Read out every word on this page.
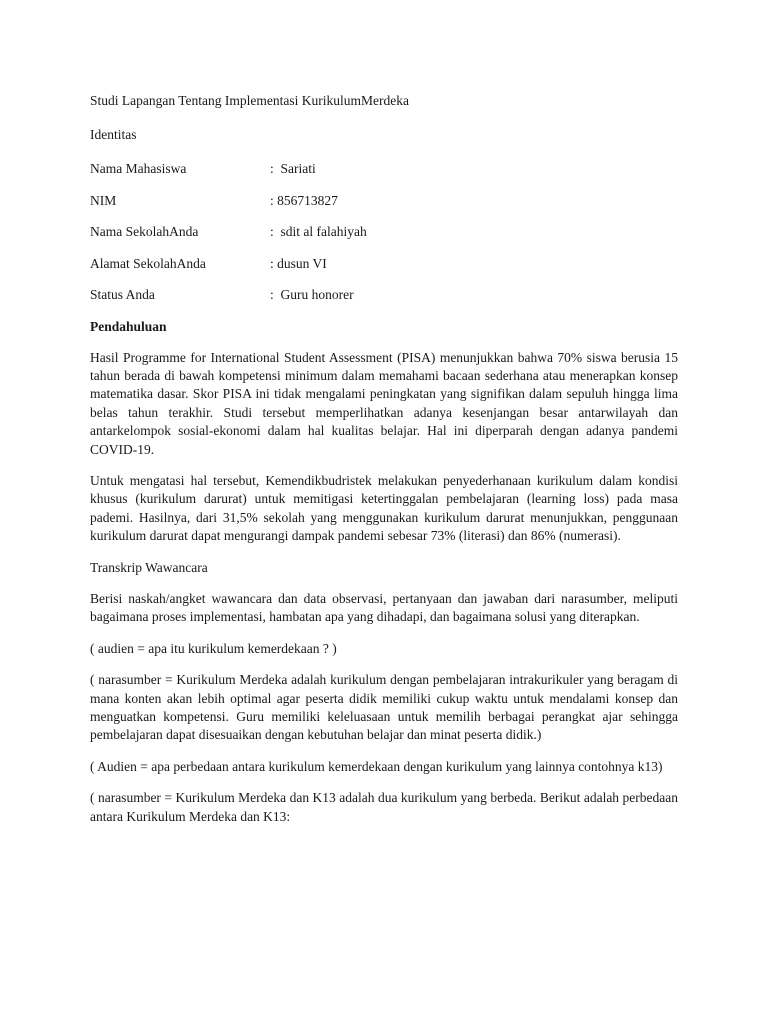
Studi Lapangan Tentang Implementasi KurikulumMerdeka

Identitas

Nama Mahasiswa	:  Sariati
NIM	: 856713827
Nama SekolahAnda	:  sdit al falahiyah
Alamat SekolahAnda	: dusun VI
Status Anda	:  Guru honorer

Pendahuluan

Hasil Programme for International Student Assessment (PISA) menunjukkan bahwa 70% siswa berusia 15 tahun berada di bawah kompetensi minimum dalam memahami bacaan sederhana atau menerapkan konsep matematika dasar. Skor PISA ini tidak mengalami peningkatan yang signifikan dalam sepuluh hingga lima belas tahun terakhir. Studi tersebut memperlihatkan adanya kesenjangan besar antarwilayah dan antarkelompok sosial-ekonomi dalam hal kualitas belajar. Hal ini diperparah dengan adanya pandemi COVID-19.

Untuk mengatasi hal tersebut, Kemendikbudristek melakukan penyederhanaan kurikulum dalam kondisi khusus (kurikulum darurat) untuk memitigasi ketertinggalan pembelajaran (learning loss) pada masa pademi. Hasilnya, dari 31,5% sekolah yang menggunakan kurikulum darurat menunjukkan, penggunaan kurikulum darurat dapat mengurangi dampak pandemi sebesar 73% (literasi) dan 86% (numerasi).

Transkrip Wawancara

Berisi naskah/angket wawancara dan data observasi, pertanyaan dan jawaban dari narasumber, meliputi bagaimana proses implementasi, hambatan apa yang dihadapi, dan bagaimana solusi yang diterapkan.

( audien = apa itu kurikulum kemerdekaan ? )

( narasumber = Kurikulum Merdeka adalah kurikulum dengan pembelajaran intrakurikuler yang beragam di mana konten akan lebih optimal agar peserta didik memiliki cukup waktu untuk mendalami konsep dan menguatkan kompetensi. Guru memiliki keleluasaan untuk memilih berbagai perangkat ajar sehingga pembelajaran dapat disesuaikan dengan kebutuhan belajar dan minat peserta didik.)

( Audien = apa perbedaan antara kurikulum kemerdekaan dengan kurikulum yang lainnya contohnya k13)

( narasumber = Kurikulum Merdeka dan K13 adalah dua kurikulum yang berbeda. Berikut adalah perbedaan antara Kurikulum Merdeka dan K13:
